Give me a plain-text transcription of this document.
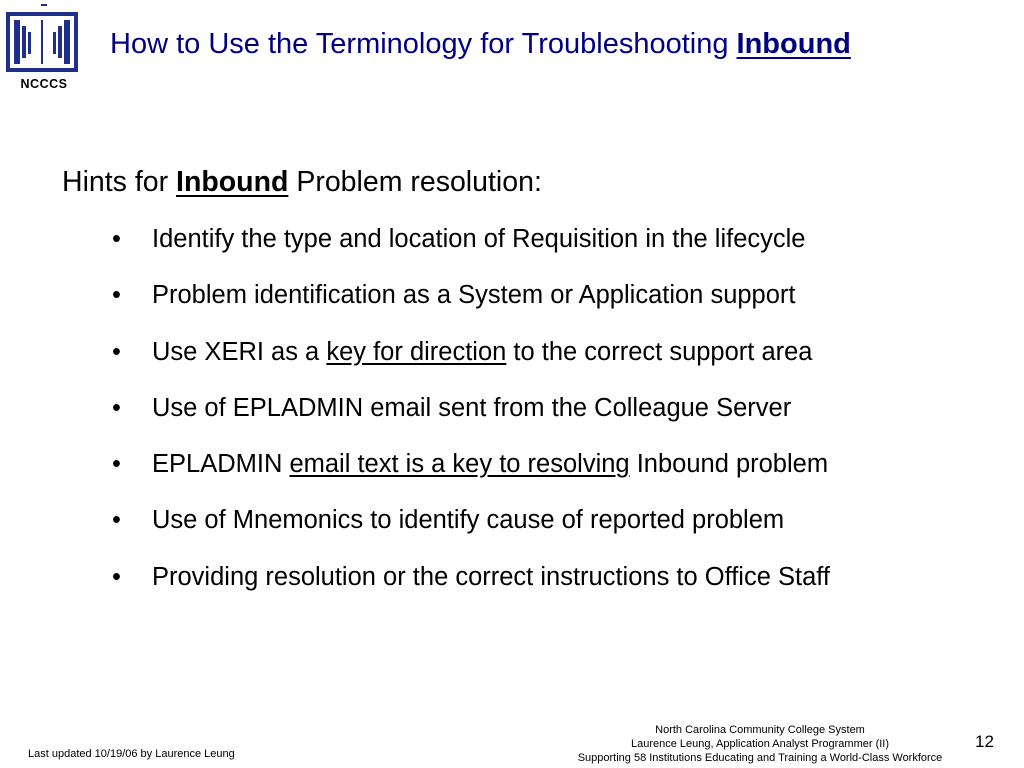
NCCCS
How to Use the Terminology for Troubleshooting Inbound
Hints for Inbound Problem resolution:
• Identify the type and location of Requisition in the lifecycle
• Problem identification as a System or Application support
• Use XERI as a key for direction to the correct support area
• Use of EPLADMIN email sent from the Colleague Server
• EPLADMIN email text is a key to resolving Inbound problem
• Use of Mnemonics to identify cause of reported problem
• Providing resolution or the correct instructions to Office Staff
Last updated 10/19/06 by Laurence Leung
North Carolina Community College System
Laurence Leung, Application Analyst Programmer (II)
Supporting 58 Institutions Educating and Training a World-Class Workforce
12
